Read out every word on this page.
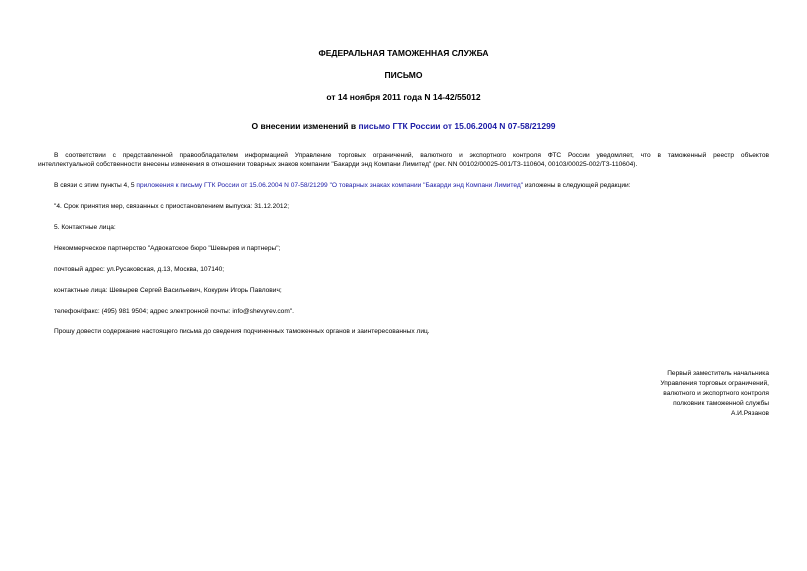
ФЕДЕРАЛЬНАЯ ТАМОЖЕННАЯ СЛУЖБА
ПИСЬМО
от 14 ноября 2011 года N 14-42/55012
О внесении изменений в письмо ГТК России от 15.06.2004 N 07-58/21299
В соответствии с представленной правообладателем информацией Управление торговых ограничений, валютного и экспортного контроля ФТС России уведомляет, что в таможенный реестр объектов
интеллектуальной собственности внесены изменения в отношении товарных знаков компании "Бакарди энд Компани Лимитед" (рег. NN 00102/00025-001/ТЗ-110604, 00103/00025-002/ТЗ-110604).
В связи с этим пункты 4, 5 приложения к письму ГТК России от 15.06.2004 N 07-58/21299 "О товарных знаках компании "Бакарди энд Компани Лимитед" изложены в следующей редакции:
"4. Срок принятия мер, связанных с приостановлением выпуска: 31.12.2012;
5. Контактные лица:
Некоммерческое партнерство "Адвокатское бюро "Шевырев и партнеры";
почтовый адрес: ул.Русаковская, д.13, Москва, 107140;
контактные лица: Шевырев Сергей Васильевич, Кокурин Игорь Павлович;
телефон/факс: (495) 981 9504; адрес электронной почты: info@shevyrev.com".
Прошу довести содержание настоящего письма до сведения подчиненных таможенных органов и заинтересованных лиц.
Первый заместитель начальника
Управления торговых ограничений,
валютного и экспортного контроля
полковник таможенной службы
А.И.Рязанов
